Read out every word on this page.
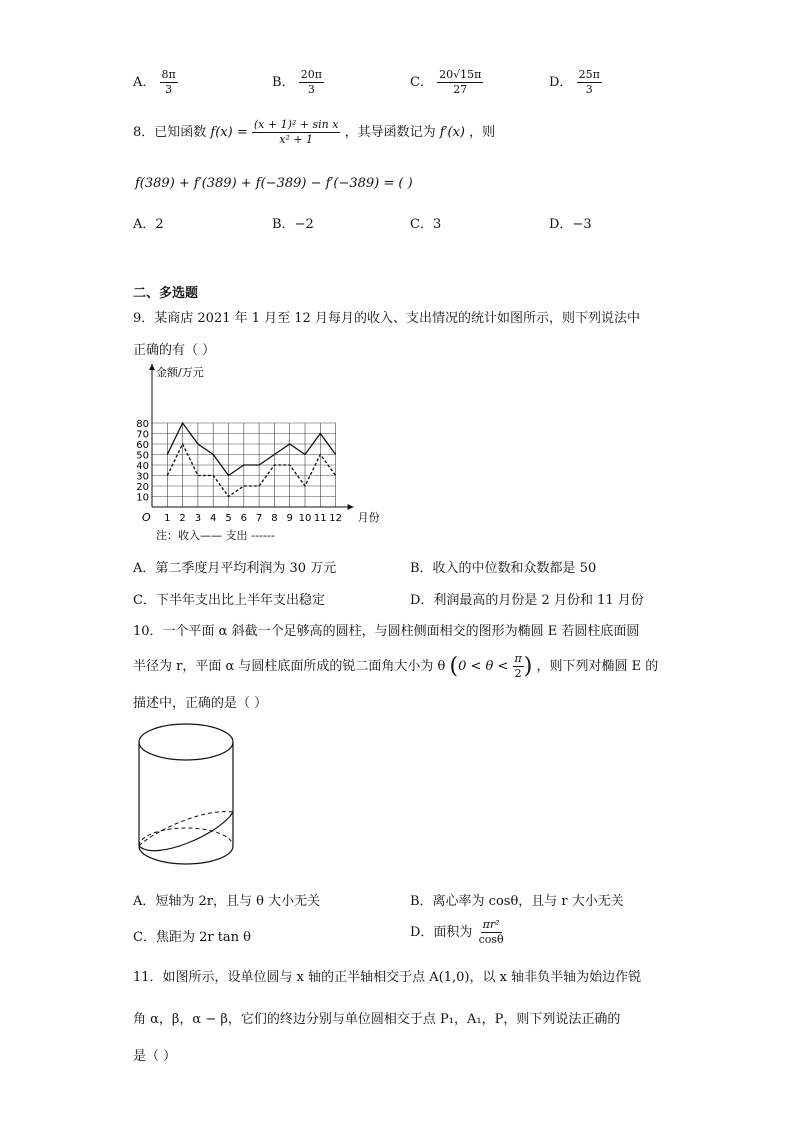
A． $\frac{8\pi}{3}$	B． $\frac{20\pi}{3}$	C． $\frac{20√15\pi}{27}$	D． $\frac{25\pi}{3}$
8．已知函数 $f(x) = \frac{\text{(x + 1)² + sin x}}{\text{x² + 1}}$ ，其导函数记为 f′(x) ，则
f(389) + f′(389) + f(−389) − f′(−389) = ( )
A．2	B．−2	C．3	D．−3
二、多选题
9．某商店 2021 年 1 月至 12 月每月的收入、支出情况的统计如图所示，则下列说法中
正确的有（ ）
10
20
30
40
50
60
70
80
1 2 3 4 5 6 7 8 9 10 11 12
O
金额/万元
月份
注：收入—— 支出 ------
A．第二季度月平均利润为 30 万元	B．收入的中位数和众数都是 50
C．下半年支出比上半年支出稳定	D．利润最高的月份是 2 月份和 11 月份
10．一个平面 α 斜截一个足够高的圆柱，与圆柱侧面相交的图形为椭圆 E 若圆柱底面圆
半径为 r，平面 α 与圆柱底面所成的锐二面角大小为 θ ($0 < \theta < \frac{\pi}{2}$ ) ，则下列对椭圆 E 的
描述中，正确的是（ ）
A．短轴为 2r，且与 θ 大小无关	B．离心率为 cosθ，且与 r 大小无关
C．焦距为 2r tan θ	D．面积为 $\frac{\text{πr²}}{\cos\theta}$
11．如图所示，设单位圆与 x 轴的正半轴相交于点 A(1,0)，以 x 轴非负半轴为始边作锐
角 α，β，α − β，它们的终边分别与单位圆相交于点 P₁，A₁，P，则下列说法正确的
是（ ）
